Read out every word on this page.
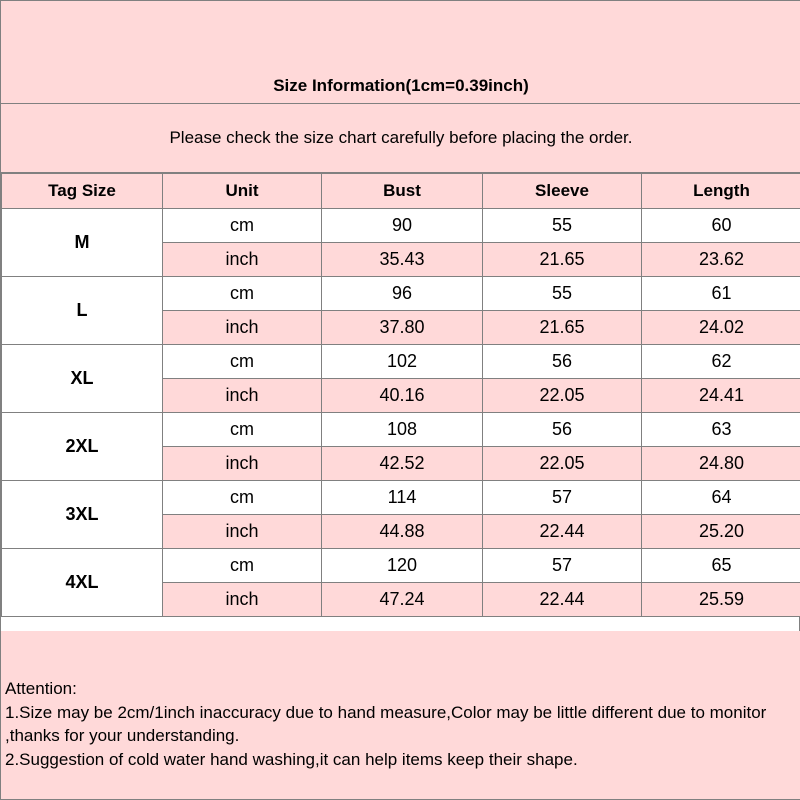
Size Information(1cm=0.39inch)
Please check the size chart carefully before placing the order.
Tag Size	Unit	Bust	Sleeve	Length
M	cm	90	55	60
	inch	35.43	21.65	23.62
L	cm	96	55	61
	inch	37.80	21.65	24.02
XL	cm	102	56	62
	inch	40.16	22.05	24.41
2XL	cm	108	56	63
	inch	42.52	22.05	24.80
3XL	cm	114	57	64
	inch	44.88	22.44	25.20
4XL	cm	120	57	65
	inch	47.24	22.44	25.59
Attention:
1.Size may be 2cm/1inch inaccuracy due to hand measure,Color may be little different due to monitor ,thanks for your understanding.
2.Suggestion of cold water hand washing,it can help items keep their shape.
